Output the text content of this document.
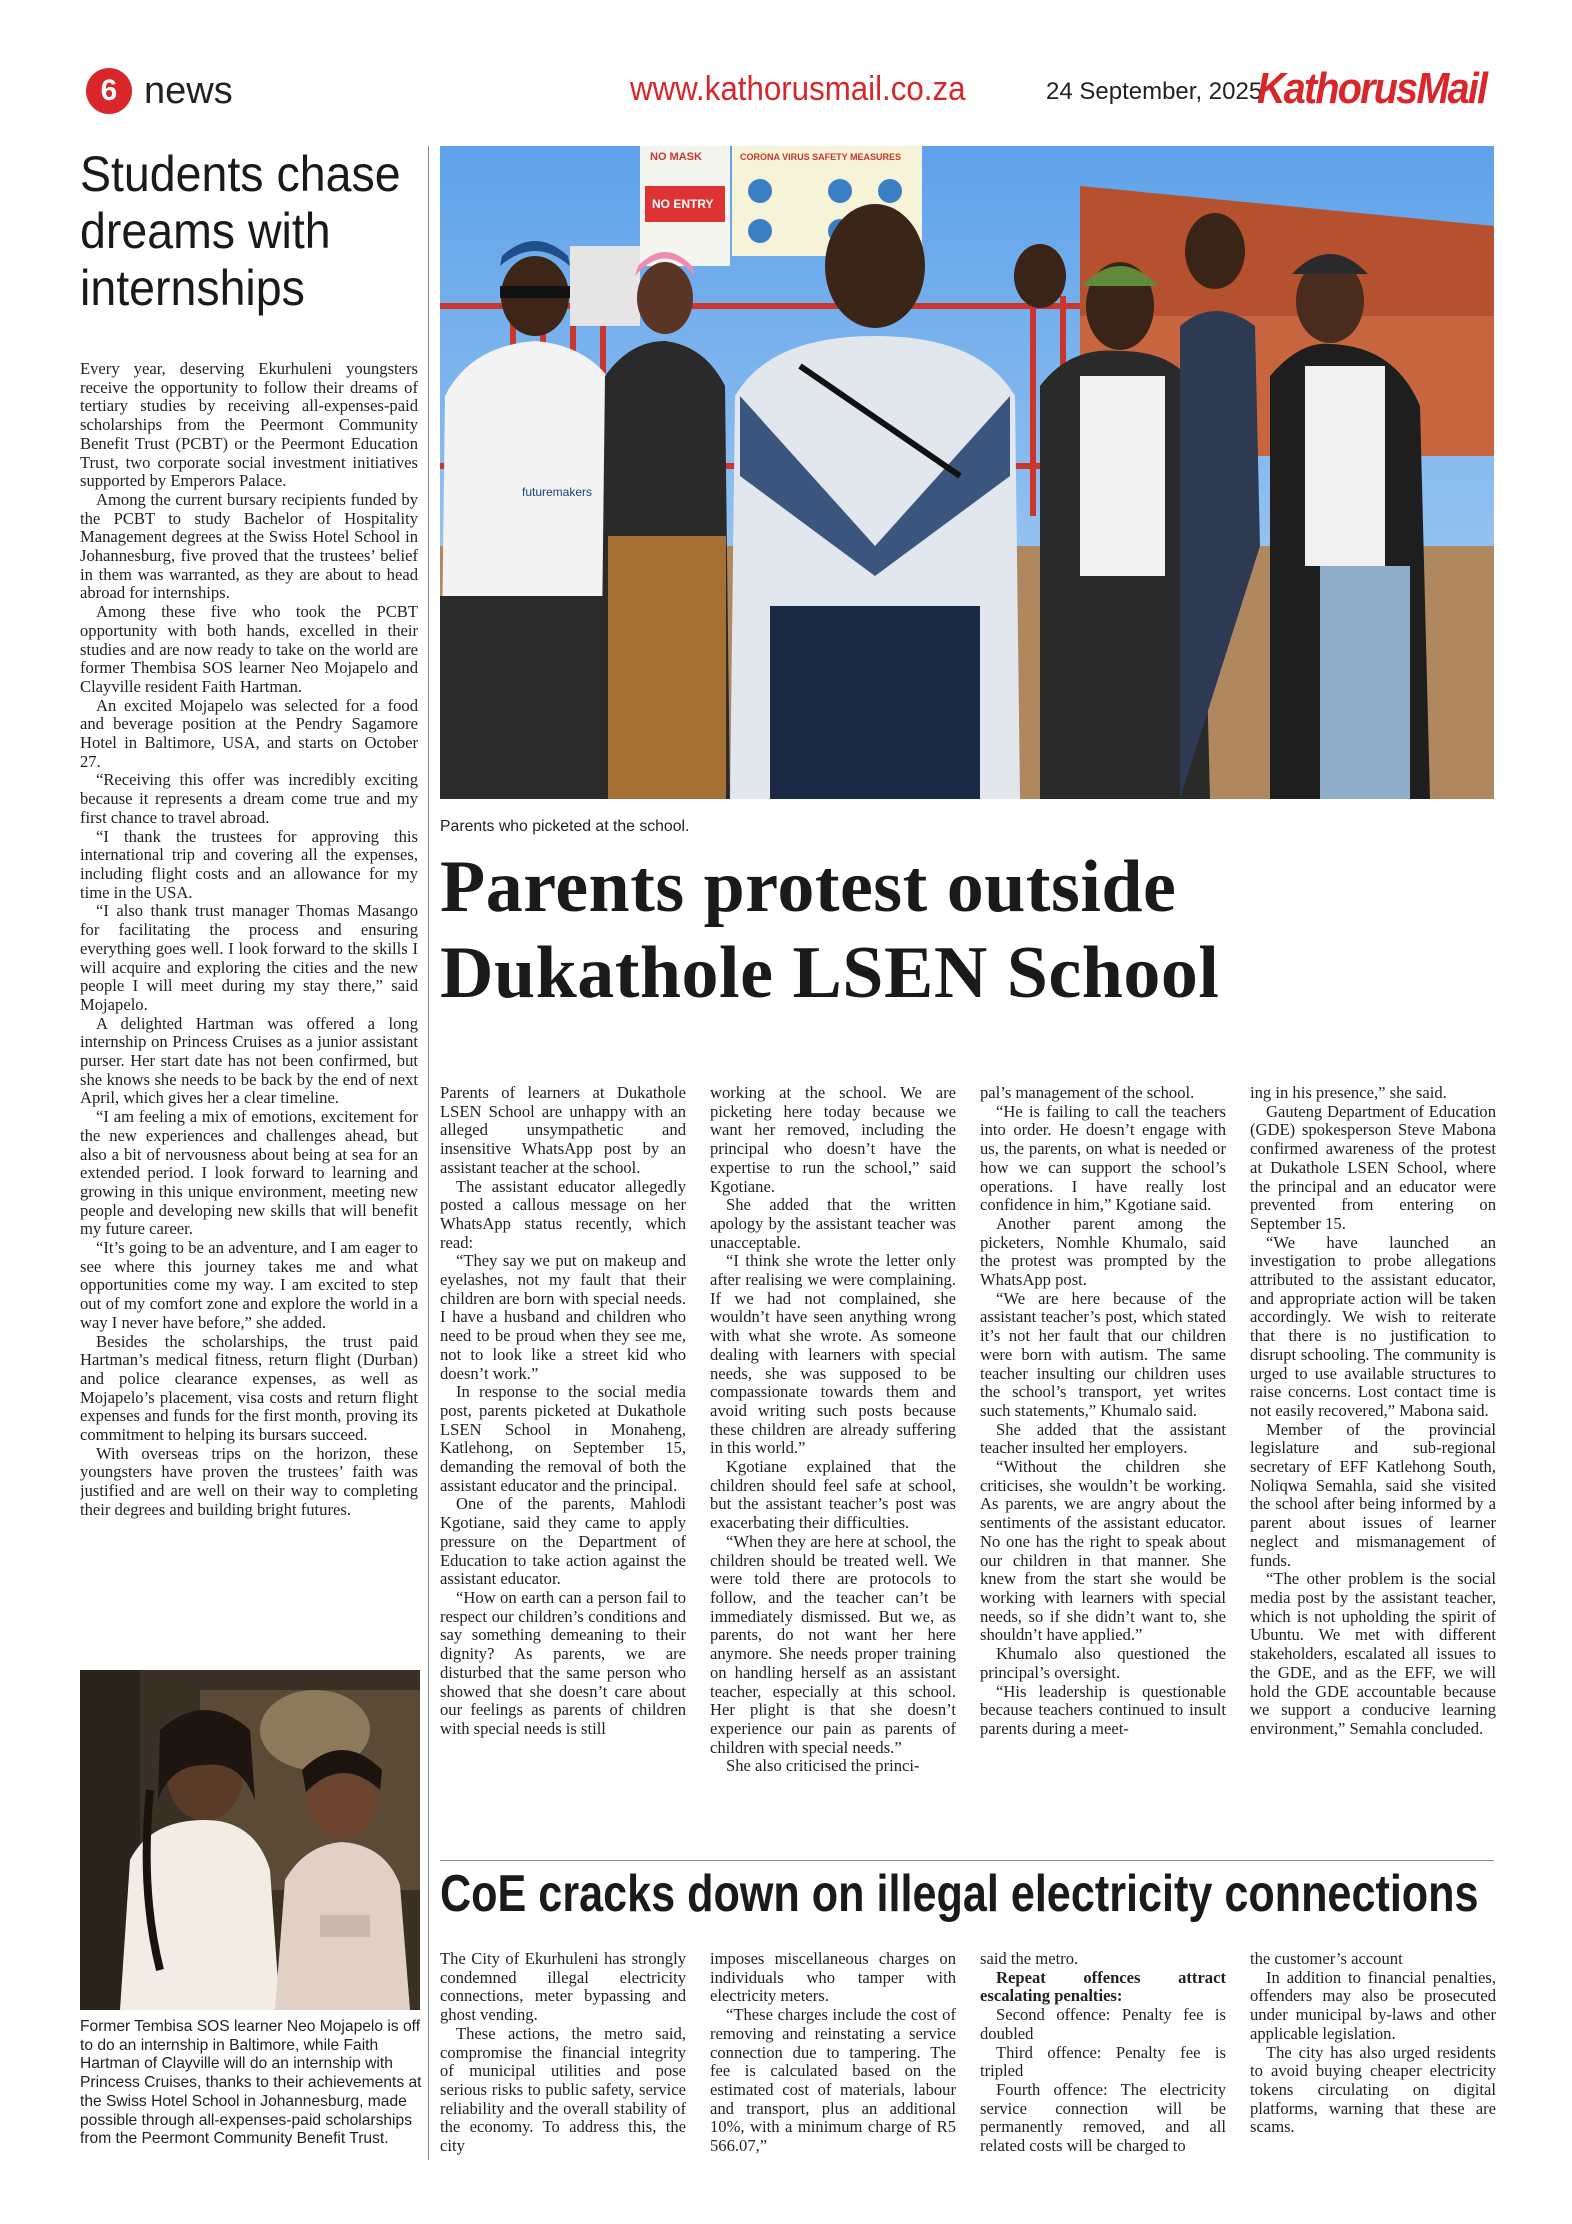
6 news	www.kathorusmail.co.za	24 September, 2025
KathorusMail
Students chase dreams with internships

Every year, deserving Ekurhuleni youngsters receive the opportunity to follow their dreams of tertiary studies by receiving all-expenses-paid scholarships from the Peermont Community Benefit Trust (PCBT) or the Peermont Education Trust, two corporate social investment initiatives supported by Emperors Palace.

Among the current bursary recipients funded by the PCBT to study Bachelor of Hospitality Management degrees at the Swiss Hotel School in Johannesburg, five proved that the trustees’ belief in them was warranted, as they are about to head abroad for internships.

Among these five who took the PCBT opportunity with both hands, excelled in their studies and are now ready to take on the world are former Thembisa SOS learner Neo Mojapelo and Clayville resident Faith Hartman.

An excited Mojapelo was selected for a food and beverage position at the Pendry Sagamore Hotel in Baltimore, USA, and starts on October 27.

“Receiving this offer was incredibly exciting because it represents a dream come true and my first chance to travel abroad.

“I thank the trustees for approving this international trip and covering all the expenses, including flight costs and an allowance for my time in the USA.

“I also thank trust manager Thomas Masango for facilitating the process and ensuring everything goes well. I look forward to the skills I will acquire and exploring the cities and the new people I will meet during my stay there,” said Mojapelo.

A delighted Hartman was offered a long internship on Princess Cruises as a junior assistant purser. Her start date has not been confirmed, but she knows she needs to be back by the end of next April, which gives her a clear timeline.

“I am feeling a mix of emotions, excitement for the new experiences and challenges ahead, but also a bit of nervousness about being at sea for an extended period. I look forward to learning and growing in this unique environment, meeting new people and developing new skills that will benefit my future career.

“It’s going to be an adventure, and I am eager to see where this journey takes me and what opportunities come my way. I am excited to step out of my comfort zone and explore the world in a way I never have before,” she added.

Besides the scholarships, the trust paid Hartman’s medical fitness, return flight (Durban) and police clearance expenses, as well as Mojapelo’s placement, visa costs and return flight expenses and funds for the first month, proving its commitment to helping its bursars succeed.

With overseas trips on the horizon, these youngsters have proven the trustees’ faith was justified and are well on their way to completing their degrees and building bright futures.

Former Tembisa SOS learner Neo Mojapelo is off to do an internship in Baltimore, while Faith Hartman of Clayville will do an internship with Princess Cruises, thanks to their achievements at the Swiss Hotel School in Johannesburg, made possible through all-expenses-paid scholarships from the Peermont Community Benefit Trust.
NO MASK
NO ENTRY
CORONA VIRUS SAFETY MEASURES
futuremakers
Parents who picketed at the school.
Parents protest outside Dukathole LSEN School

Parents of learners at Dukathole LSEN School are unhappy with an alleged unsympathetic and insensitive WhatsApp post by an assistant teacher at the school.

The assistant educator allegedly posted a callous message on her WhatsApp status recently, which read:

“They say we put on makeup and eyelashes, not my fault that their children are born with special needs. I have a husband and children who need to be proud when they see me, not to look like a street kid who doesn’t work.”

In response to the social media post, parents picketed at Dukathole LSEN School in Monaheng, Katlehong, on September 15, demanding the removal of both the assistant educator and the principal.

One of the parents, Mahlodi Kgotiane, said they came to apply pressure on the Department of Education to take action against the assistant educator.

“How on earth can a person fail to respect our children’s conditions and say something demeaning to their dignity? As parents, we are disturbed that the same person who showed that she doesn’t care about our feelings as parents of children with special needs is still

working at the school. We are picketing here today because we want her removed, including the principal who doesn’t have the expertise to run the school,” said Kgotiane.

She added that the written apology by the assistant teacher was unacceptable.

“I think she wrote the letter only after realising we were complaining. If we had not complained, she wouldn’t have seen anything wrong with what she wrote. As someone dealing with learners with special needs, she was supposed to be compassionate towards them and avoid writing such posts because these children are already suffering in this world.”

Kgotiane explained that the children should feel safe at school, but the assistant teacher’s post was exacerbating their difficulties.

“When they are here at school, the children should be treated well. We were told there are protocols to follow, and the teacher can’t be immediately dismissed. But we, as parents, do not want her here anymore. She needs proper training on handling herself as an assistant teacher, especially at this school. Her plight is that she doesn’t experience our pain as parents of children with special needs.”

She also criticised the princi-

pal’s management of the school.

“He is failing to call the teachers into order. He doesn’t engage with us, the parents, on what is needed or how we can support the school’s operations. I have really lost confidence in him,” Kgotiane said.

Another parent among the picketers, Nomhle Khumalo, said the protest was prompted by the WhatsApp post.

“We are here because of the assistant teacher’s post, which stated it’s not her fault that our children were born with autism. The same teacher insulting our children uses the school’s transport, yet writes such statements,” Khumalo said.

She added that the assistant teacher insulted her employers.

“Without the children she criticises, she wouldn’t be working. As parents, we are angry about the sentiments of the assistant educator. No one has the right to speak about our children in that manner. She knew from the start she would be working with learners with special needs, so if she didn’t want to, she shouldn’t have applied.”

Khumalo also questioned the principal’s oversight.

“His leadership is questionable because teachers continued to insult parents during a meet-

ing in his presence,” she said.

Gauteng Department of Education (GDE) spokesperson Steve Mabona confirmed awareness of the protest at Dukathole LSEN School, where the principal and an educator were prevented from entering on September 15.

“We have launched an investigation to probe allegations attributed to the assistant educator, and appropriate action will be taken accordingly. We wish to reiterate that there is no justification to disrupt schooling. The community is urged to use available structures to raise concerns. Lost contact time is not easily recovered,” Mabona said.

Member of the provincial legislature and sub-regional secretary of EFF Katlehong South, Noliqwa Semahla, said she visited the school after being informed by a parent about issues of learner neglect and mismanagement of funds.

“The other problem is the social media post by the assistant teacher, which is not upholding the spirit of Ubuntu. We met with different stakeholders, escalated all issues to the GDE, and as the EFF, we will hold the GDE accountable because we support a conducive learning environment,” Semahla concluded.

CoE cracks down on illegal electricity connections

The City of Ekurhuleni has strongly condemned illegal electricity connections, meter bypassing and ghost vending.

These actions, the metro said, compromise the financial integrity of municipal utilities and pose serious risks to public safety, service reliability and the overall stability of the economy. To address this, the city

imposes miscellaneous charges on individuals who tamper with electricity meters.

“These charges include the cost of removing and reinstating a service connection due to tampering. The fee is calculated based on the estimated cost of materials, labour and transport, plus an additional 10%, with a minimum charge of R5 566.07,”

said the metro.

Repeat offences attract escalating penalties:

Second offence: Penalty fee is doubled

Third offence: Penalty fee is tripled

Fourth offence: The electricity service connection will be permanently removed, and all related costs will be charged to

the customer’s account

In addition to financial penalties, offenders may also be prosecuted under municipal by-laws and other applicable legislation.

The city has also urged residents to avoid buying cheaper electricity tokens circulating on digital platforms, warning that these are scams.
